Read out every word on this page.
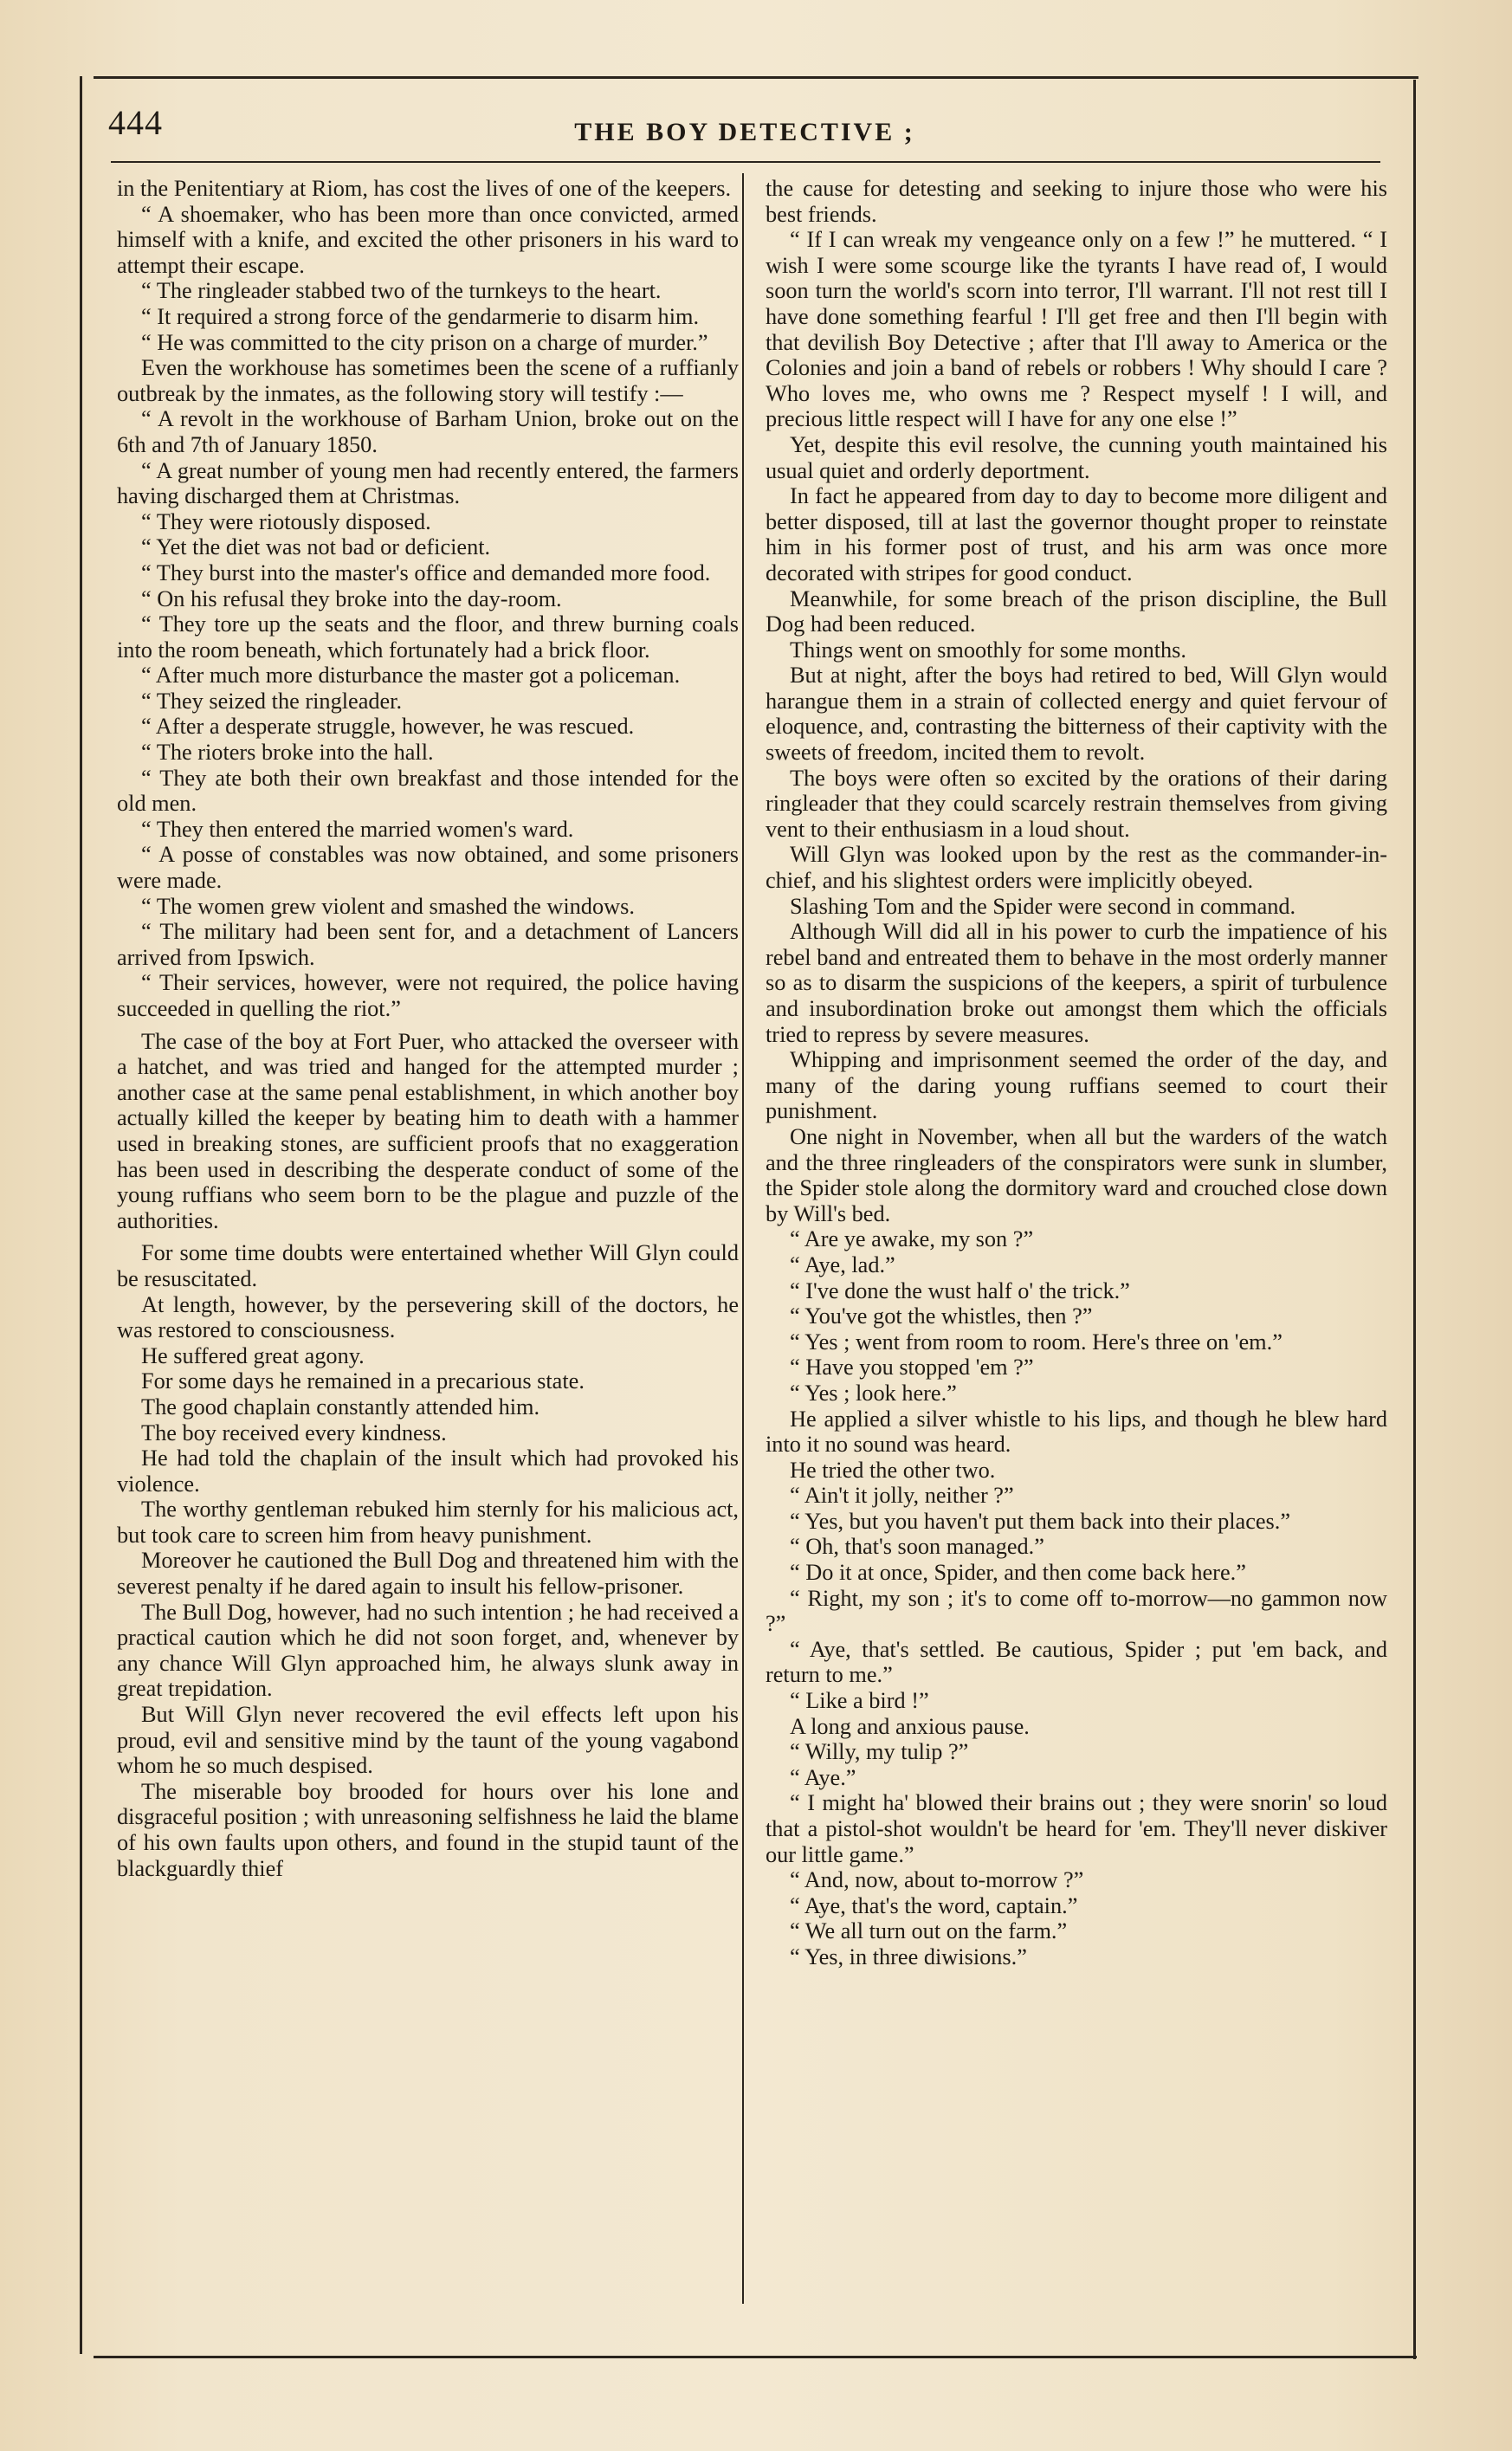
444	THE BOY DETECTIVE ;

in the Penitentiary at Riom, has cost the lives of one of the keepers.

“ A shoemaker, who has been more than once convicted, armed himself with a knife, and excited the other prisoners in his ward to attempt their escape.

“ The ringleader stabbed two of the turnkeys to the heart.

“ It required a strong force of the gendarmerie to disarm him.

“ He was committed to the city prison on a charge of murder.”

Even the workhouse has sometimes been the scene of a ruffianly outbreak by the inmates, as the following story will testify :—

“ A revolt in the workhouse of Barham Union, broke out on the 6th and 7th of January 1850.

“ A great number of young men had recently entered, the farmers having discharged them at Christmas.

“ They were riotously disposed.

“ Yet the diet was not bad or deficient.

“ They burst into the master's office and demanded more food.

“ On his refusal they broke into the day-room.

“ They tore up the seats and the floor, and threw burning coals into the room beneath, which fortunately had a brick floor.

“ After much more disturbance the master got a policeman.

“ They seized the ringleader.

“ After a desperate struggle, however, he was rescued.

“ The rioters broke into the hall.

“ They ate both their own breakfast and those intended for the old men.

“ They then entered the married women's ward.

“ A posse of constables was now obtained, and some prisoners were made.

“ The women grew violent and smashed the windows.

“ The military had been sent for, and a detachment of Lancers arrived from Ipswich.

“ Their services, however, were not required, the police having succeeded in quelling the riot.”

The case of the boy at Fort Puer, who attacked the overseer with a hatchet, and was tried and hanged for the attempted murder ; another case at the same penal establishment, in which another boy actually killed the keeper by beating him to death with a hammer used in breaking stones, are sufficient proofs that no exaggeration has been used in describing the desperate conduct of some of the young ruffians who seem born to be the plague and puzzle of the authorities.

For some time doubts were entertained whether Will Glyn could be resuscitated.

At length, however, by the persevering skill of the doctors, he was restored to consciousness.

He suffered great agony.

For some days he remained in a precarious state.

The good chaplain constantly attended him.

The boy received every kindness.

He had told the chaplain of the insult which had provoked his violence.

The worthy gentleman rebuked him sternly for his malicious act, but took care to screen him from heavy punishment.

Moreover he cautioned the Bull Dog and threatened him with the severest penalty if he dared again to insult his fellow-prisoner.

The Bull Dog, however, had no such intention ; he had received a practical caution which he did not soon forget, and, whenever by any chance Will Glyn approached him, he always slunk away in great trepidation.

But Will Glyn never recovered the evil effects left upon his proud, evil and sensitive mind by the taunt of the young vagabond whom he so much despised.

The miserable boy brooded for hours over his lone and disgraceful position ; with unreasoning selfishness he laid the blame of his own faults upon others, and found in the stupid taunt of the blackguardly thief

the cause for detesting and seeking to injure those who were his best friends.

“ If I can wreak my vengeance only on a few !” he muttered. “ I wish I were some scourge like the tyrants I have read of, I would soon turn the world's scorn into terror, I'll warrant. I'll not rest till I have done something fearful ! I'll get free and then I'll begin with that devilish Boy Detective ; after that I'll away to America or the Colonies and join a band of rebels or robbers ! Why should I care ? Who loves me, who owns me ? Respect myself ! I will, and precious little respect will I have for any one else !”

Yet, despite this evil resolve, the cunning youth maintained his usual quiet and orderly deportment.

In fact he appeared from day to day to become more diligent and better disposed, till at last the governor thought proper to reinstate him in his former post of trust, and his arm was once more decorated with stripes for good conduct.

Meanwhile, for some breach of the prison discipline, the Bull Dog had been reduced.

Things went on smoothly for some months.

But at night, after the boys had retired to bed, Will Glyn would harangue them in a strain of collected energy and quiet fervour of eloquence, and, contrasting the bitterness of their captivity with the sweets of freedom, incited them to revolt.

The boys were often so excited by the orations of their daring ringleader that they could scarcely restrain themselves from giving vent to their enthusiasm in a loud shout.

Will Glyn was looked upon by the rest as the commander-in-chief, and his slightest orders were implicitly obeyed.

Slashing Tom and the Spider were second in command.

Although Will did all in his power to curb the impatience of his rebel band and entreated them to behave in the most orderly manner so as to disarm the suspicions of the keepers, a spirit of turbulence and insubordination broke out amongst them which the officials tried to repress by severe measures.

Whipping and imprisonment seemed the order of the day, and many of the daring young ruffians seemed to court their punishment.

One night in November, when all but the warders of the watch and the three ringleaders of the conspirators were sunk in slumber, the Spider stole along the dormitory ward and crouched close down by Will's bed.

“ Are ye awake, my son ?”

“ Aye, lad.”

“ I've done the wust half o' the trick.”

“ You've got the whistles, then ?”

“ Yes ; went from room to room. Here's three on 'em.”

“ Have you stopped 'em ?”

“ Yes ; look here.”

He applied a silver whistle to his lips, and though he blew hard into it no sound was heard.

He tried the other two.

“ Ain't it jolly, neither ?”

“ Yes, but you haven't put them back into their places.”

“ Oh, that's soon managed.”

“ Do it at once, Spider, and then come back here.”

“ Right, my son ; it's to come off to-morrow—no gammon now ?”

“ Aye, that's settled. Be cautious, Spider ; put 'em back, and return to me.”

“ Like a bird !”

A long and anxious pause.

“ Willy, my tulip ?”

“ Aye.”

“ I might ha' blowed their brains out ; they were snorin' so loud that a pistol-shot wouldn't be heard for 'em. They'll never diskiver our little game.”

“ And, now, about to-morrow ?”

“ Aye, that's the word, captain.”

“ We all turn out on the farm.”

“ Yes, in three diwisions.”
